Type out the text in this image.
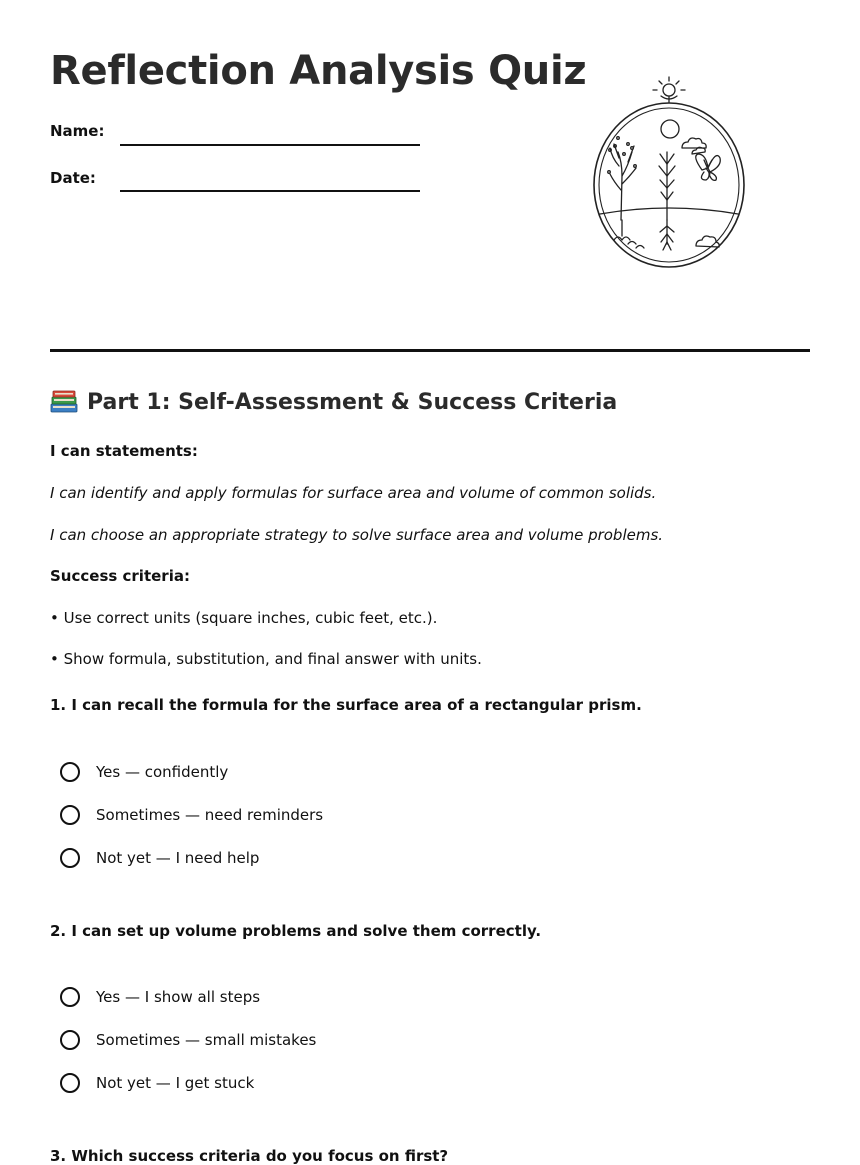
Reflection Analysis Quiz
Name:
Date:
Part 1: Self-Assessment & Success Criteria
I can statements:
I can identify and apply formulas for surface area and volume of common solids.
I can choose an appropriate strategy to solve surface area and volume problems.
Success criteria:
• Use correct units (square inches, cubic feet, etc.).
• Show formula, substitution, and final answer with units.
1. I can recall the formula for the surface area of a rectangular prism.
Yes — confidently
Sometimes — need reminders
Not yet — I need help
2. I can set up volume problems and solve them correctly.
Yes — I show all steps
Sometimes — small mistakes
Not yet — I get stuck
3. Which success criteria do you focus on first?
